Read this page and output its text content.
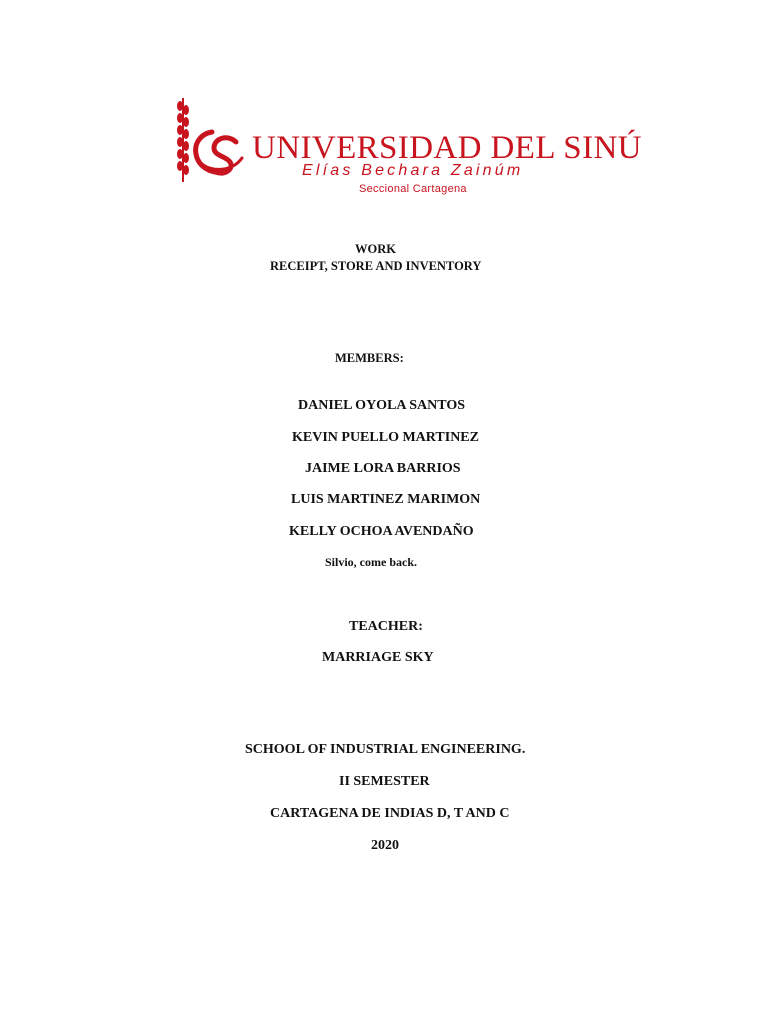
UNIVERSIDAD DEL SINÚ
Elías Bechara Zainúm
Seccional Cartagena
WORK
RECEIPT, STORE AND INVENTORY
MEMBERS:
DANIEL OYOLA SANTOS
KEVIN PUELLO MARTINEZ
JAIME LORA BARRIOS
LUIS MARTINEZ MARIMON
KELLY OCHOA AVENDAÑO
Silvio, come back.
TEACHER:
MARRIAGE SKY
SCHOOL OF INDUSTRIAL ENGINEERING.
II SEMESTER
CARTAGENA DE INDIAS D, T AND C
2020
